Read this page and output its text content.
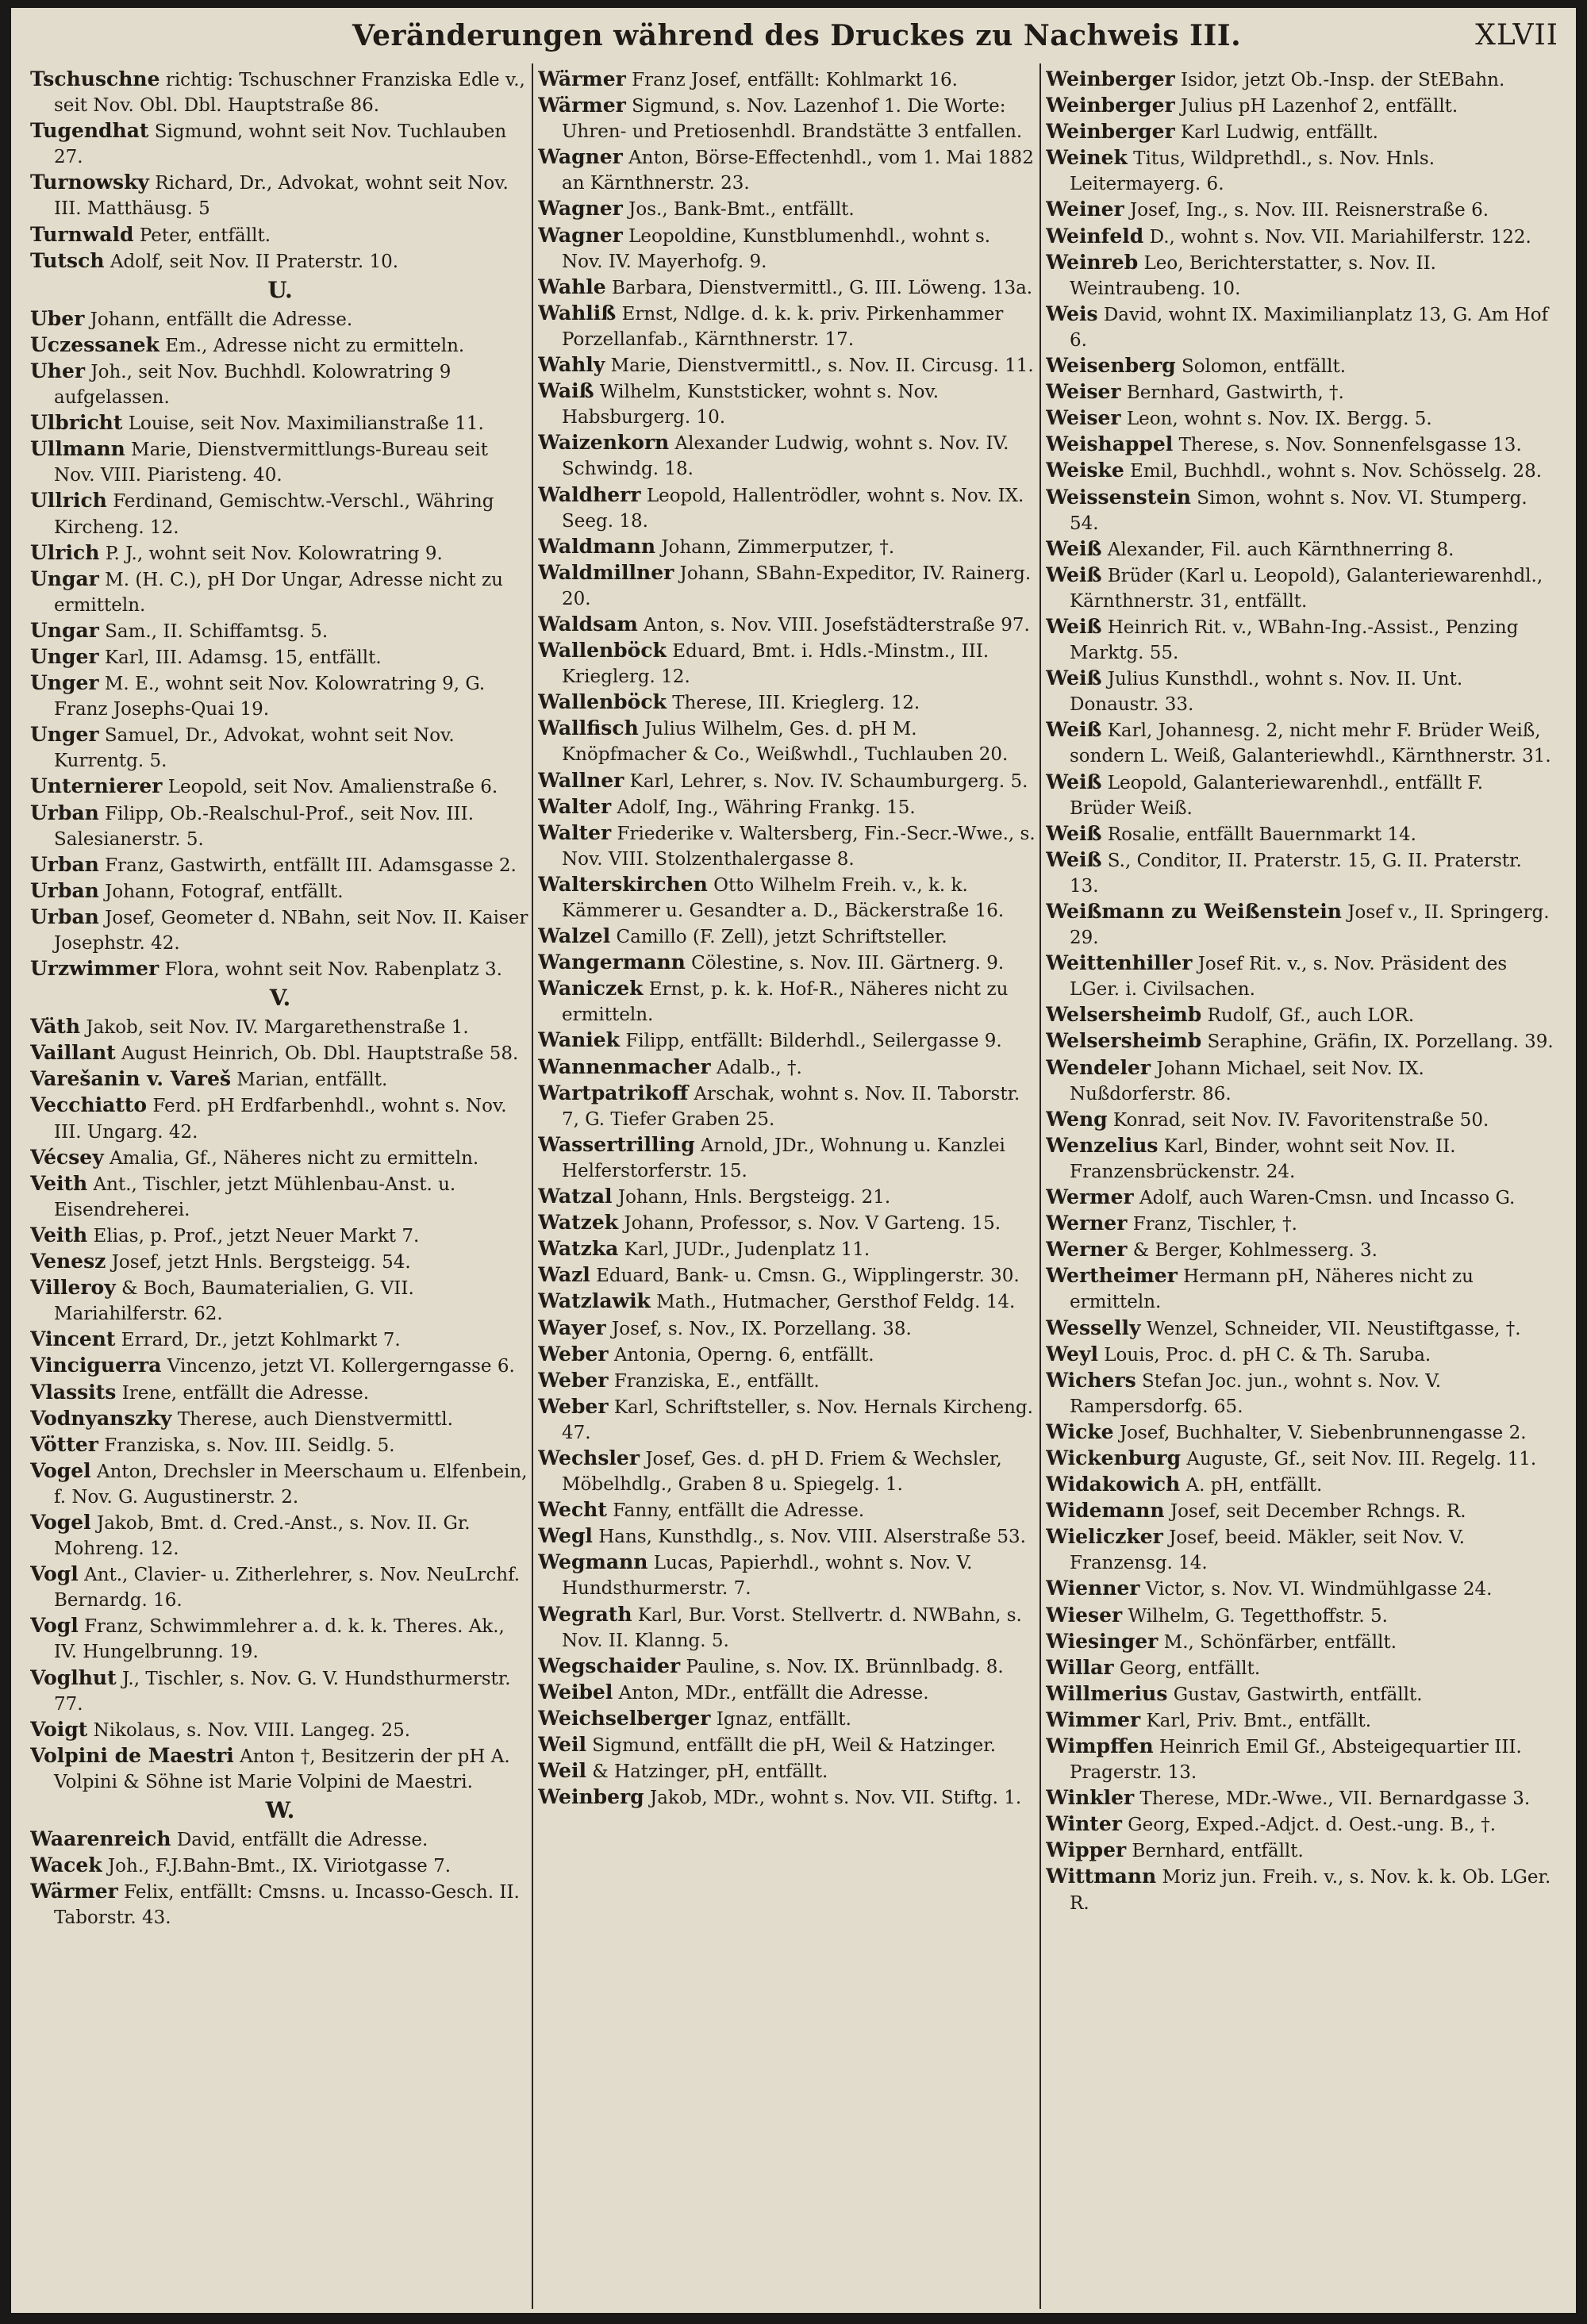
Veränderungen während des Druckes zu Nachweis III.	XLVII
Tschuschne richtig: Tschuschner Franziska Edle v., seit Nov. Obl. Dbl. Hauptstraße 86.
Tugendhat Sigmund, wohnt seit Nov. Tuchlauben 27.
Turnowsky Richard, Dr., Advokat, wohnt seit Nov. III. Matthäusg. 5
Turnwald Peter, entfällt.
Tutsch Adolf, seit Nov. II Praterstr. 10.
U.
Uber Johann, entfällt die Adresse.
Uczessanek Em., Adresse nicht zu ermitteln.
Uher Joh., seit Nov. Buchhdl. Kolowratring 9 aufgelassen.
Ulbricht Louise, seit Nov. Maximilianstraße 11.
Ullmann Marie, Dienstvermittlungs-Bureau seit Nov. VIII. Piaristeng. 40.
Ullrich Ferdinand, Gemischtw.-Verschl., Währing Kircheng. 12.
Ulrich P. J., wohnt seit Nov. Kolowratring 9.
Ungar M. (H. C.), pH Dor Ungar, Adresse nicht zu ermitteln.
Ungar Sam., II. Schiffamtsg. 5.
Unger Karl, III. Adamsg. 15, entfällt.
Unger M. E., wohnt seit Nov. Kolowratring 9, G. Franz Josephs-Quai 19.
Unger Samuel, Dr., Advokat, wohnt seit Nov. Kurrentg. 5.
Unternierer Leopold, seit Nov. Amalienstraße 6.
Urban Filipp, Ob.-Realschul-Prof., seit Nov. III. Salesianerstr. 5.
Urban Franz, Gastwirth, entfällt III. Adamsgasse 2.
Urban Johann, Fotograf, entfällt.
Urban Josef, Geometer d. NBahn, seit Nov. II. Kaiser Josephstr. 42.
Urzwimmer Flora, wohnt seit Nov. Rabenplatz 3.
V.
Väth Jakob, seit Nov. IV. Margarethenstraße 1.
Vaillant August Heinrich, Ob. Dbl. Hauptstraße 58.
Varešanin v. Vareš Marian, entfällt.
Vecchiatto Ferd. pH Erdfarbenhdl., wohnt s. Nov. III. Ungarg. 42.
Vécsey Amalia, Gf., Näheres nicht zu ermitteln.
Veith Ant., Tischler, jetzt Mühlenbau-Anst. u. Eisendreherei.
Veith Elias, p. Prof., jetzt Neuer Markt 7.
Venesz Josef, jetzt Hnls. Bergsteigg. 54.
Villeroy & Boch, Baumaterialien, G. VII. Mariahilferstr. 62.
Vincent Errard, Dr., jetzt Kohlmarkt 7.
Vinciguerra Vincenzo, jetzt VI. Kollergerngasse 6.
Vlassits Irene, entfällt die Adresse.
Vodnyanszky Therese, auch Dienstvermittl.
Vötter Franziska, s. Nov. III. Seidlg. 5.
Vogel Anton, Drechsler in Meerschaum u. Elfenbein, f. Nov. G. Augustinerstr. 2.
Vogel Jakob, Bmt. d. Cred.-Anst., s. Nov. II. Gr. Mohreng. 12.
Vogl Ant., Clavier- u. Zitherlehrer, s. Nov. NeuLrchf. Bernardg. 16.
Vogl Franz, Schwimmlehrer a. d. k. k. Theres. Ak., IV. Hungelbrunng. 19.
Voglhut J., Tischler, s. Nov. G. V. Hundsthurmerstr. 77.
Voigt Nikolaus, s. Nov. VIII. Langeg. 25.
Volpini de Maestri Anton †, Besitzerin der pH A. Volpini & Söhne ist Marie Volpini de Maestri.
W.
Waarenreich David, entfällt die Adresse.
Wacek Joh., F.J.Bahn-Bmt., IX. Viriotgasse 7.
Wärmer Felix, entfällt: Cmsns. u. Incasso-Gesch. II. Taborstr. 43.
Wärmer Franz Josef, entfällt: Kohlmarkt 16.
Wärmer Sigmund, s. Nov. Lazenhof 1. Die Worte: Uhren- und Pretiosenhdl. Brandstätte 3 entfallen.
Wagner Anton, Börse-Effectenhdl., vom 1. Mai 1882 an Kärnthnerstr. 23.
Wagner Jos., Bank-Bmt., entfällt.
Wagner Leopoldine, Kunstblumenhdl., wohnt s. Nov. IV. Mayerhofg. 9.
Wahle Barbara, Dienstvermittl., G. III. Löweng. 13a.
Wahliß Ernst, Ndlge. d. k. k. priv. Pirkenhammer Porzellanfab., Kärnthnerstr. 17.
Wahly Marie, Dienstvermittl., s. Nov. II. Circusg. 11.
Waiß Wilhelm, Kunststicker, wohnt s. Nov. Habsburgerg. 10.
Waizenkorn Alexander Ludwig, wohnt s. Nov. IV. Schwindg. 18.
Waldherr Leopold, Hallentrödler, wohnt s. Nov. IX. Seeg. 18.
Waldmann Johann, Zimmerputzer, †.
Waldmillner Johann, SBahn-Expeditor, IV. Rainerg. 20.
Waldsam Anton, s. Nov. VIII. Josefstädterstraße 97.
Wallenböck Eduard, Bmt. i. Hdls.-Minstm., III. Krieglerg. 12.
Wallenböck Therese, III. Krieglerg. 12.
Wallfisch Julius Wilhelm, Ges. d. pH M. Knöpfmacher & Co., Weißwhdl., Tuchlauben 20.
Wallner Karl, Lehrer, s. Nov. IV. Schaumburgerg. 5.
Walter Adolf, Ing., Währing Frankg. 15.
Walter Friederike v. Waltersberg, Fin.-Secr.-Wwe., s. Nov. VIII. Stolzenthalergasse 8.
Walterskirchen Otto Wilhelm Freih. v., k. k. Kämmerer u. Gesandter a. D., Bäckerstraße 16.
Walzel Camillo (F. Zell), jetzt Schriftsteller.
Wangermann Cölestine, s. Nov. III. Gärtnerg. 9.
Waniczek Ernst, p. k. k. Hof-R., Näheres nicht zu ermitteln.
Waniek Filipp, entfällt: Bilderhdl., Seilergasse 9.
Wannenmacher Adalb., †.
Wartpatrikoff Arschak, wohnt s. Nov. II. Taborstr. 7, G. Tiefer Graben 25.
Wassertrilling Arnold, JDr., Wohnung u. Kanzlei Helferstorferstr. 15.
Watzal Johann, Hnls. Bergsteigg. 21.
Watzek Johann, Professor, s. Nov. V Garteng. 15.
Watzka Karl, JUDr., Judenplatz 11.
Wazl Eduard, Bank- u. Cmsn. G., Wipplingerstr. 30.
Watzlawik Math., Hutmacher, Gersthof Feldg. 14.
Wayer Josef, s. Nov., IX. Porzellang. 38.
Weber Antonia, Operng. 6, entfällt.
Weber Franziska, E., entfällt.
Weber Karl, Schriftsteller, s. Nov. Hernals Kircheng. 47.
Wechsler Josef, Ges. d. pH D. Friem & Wechsler, Möbelhdlg., Graben 8 u. Spiegelg. 1.
Wecht Fanny, entfällt die Adresse.
Wegl Hans, Kunsthdlg., s. Nov. VIII. Alserstraße 53.
Wegmann Lucas, Papierhdl., wohnt s. Nov. V. Hundsthurmerstr. 7.
Wegrath Karl, Bur. Vorst. Stellvertr. d. NWBahn, s. Nov. II. Klanng. 5.
Wegschaider Pauline, s. Nov. IX. Brünnlbadg. 8.
Weibel Anton, MDr., entfällt die Adresse.
Weichselberger Ignaz, entfällt.
Weil Sigmund, entfällt die pH, Weil & Hatzinger.
Weil & Hatzinger, pH, entfällt.
Weinberg Jakob, MDr., wohnt s. Nov. VII. Stiftg. 1.
Weinberger Isidor, jetzt Ob.-Insp. der StEBahn.
Weinberger Julius pH Lazenhof 2, entfällt.
Weinberger Karl Ludwig, entfällt.
Weinek Titus, Wildprethdl., s. Nov. Hnls. Leitermayerg. 6.
Weiner Josef, Ing., s. Nov. III. Reisnerstraße 6.
Weinfeld D., wohnt s. Nov. VII. Mariahilferstr. 122.
Weinreb Leo, Berichterstatter, s. Nov. II. Weintraubeng. 10.
Weis David, wohnt IX. Maximilianplatz 13, G. Am Hof 6.
Weisenberg Solomon, entfällt.
Weiser Bernhard, Gastwirth, †.
Weiser Leon, wohnt s. Nov. IX. Bergg. 5.
Weishappel Therese, s. Nov. Sonnenfelsgasse 13.
Weiske Emil, Buchhdl., wohnt s. Nov. Schösselg. 28.
Weissenstein Simon, wohnt s. Nov. VI. Stumperg. 54.
Weiß Alexander, Fil. auch Kärnthnerring 8.
Weiß Brüder (Karl u. Leopold), Galanteriewarenhdl., Kärnthnerstr. 31, entfällt.
Weiß Heinrich Rit. v., WBahn-Ing.-Assist., Penzing Marktg. 55.
Weiß Julius Kunsthdl., wohnt s. Nov. II. Unt. Donaustr. 33.
Weiß Karl, Johannesg. 2, nicht mehr F. Brüder Weiß, sondern L. Weiß, Galanteriewhdl., Kärnthnerstr. 31.
Weiß Leopold, Galanteriewarenhdl., entfällt F. Brüder Weiß.
Weiß Rosalie, entfällt Bauernmarkt 14.
Weiß S., Conditor, II. Praterstr. 15, G. II. Praterstr. 13.
Weißmann zu Weißenstein Josef v., II. Springerg. 29.
Weittenhiller Josef Rit. v., s. Nov. Präsident des LGer. i. Civilsachen.
Welsersheimb Rudolf, Gf., auch LOR.
Welsersheimb Seraphine, Gräfin, IX. Porzellang. 39.
Wendeler Johann Michael, seit Nov. IX. Nußdorferstr. 86.
Weng Konrad, seit Nov. IV. Favoritenstraße 50.
Wenzelius Karl, Binder, wohnt seit Nov. II. Franzensbrückenstr. 24.
Wermer Adolf, auch Waren-Cmsn. und Incasso G.
Werner Franz, Tischler, †.
Werner & Berger, Kohlmesserg. 3.
Wertheimer Hermann pH, Näheres nicht zu ermitteln.
Wesselly Wenzel, Schneider, VII. Neustiftgasse, †.
Weyl Louis, Proc. d. pH C. & Th. Saruba.
Wichers Stefan Joc. jun., wohnt s. Nov. V. Rampersdorfg. 65.
Wicke Josef, Buchhalter, V. Siebenbrunnengasse 2.
Wickenburg Auguste, Gf., seit Nov. III. Regelg. 11.
Widakowich A. pH, entfällt.
Widemann Josef, seit December Rchngs. R.
Wieliczker Josef, beeid. Mäkler, seit Nov. V. Franzensg. 14.
Wienner Victor, s. Nov. VI. Windmühlgasse 24.
Wieser Wilhelm, G. Tegetthoffstr. 5.
Wiesinger M., Schönfärber, entfällt.
Willar Georg, entfällt.
Willmerius Gustav, Gastwirth, entfällt.
Wimmer Karl, Priv. Bmt., entfällt.
Wimpffen Heinrich Emil Gf., Absteigequartier III. Pragerstr. 13.
Winkler Therese, MDr.-Wwe., VII. Bernardgasse 3.
Winter Georg, Exped.-Adjct. d. Oest.-ung. B., †.
Wipper Bernhard, entfällt.
Wittmann Moriz jun. Freih. v., s. Nov. k. k. Ob. LGer. R.
